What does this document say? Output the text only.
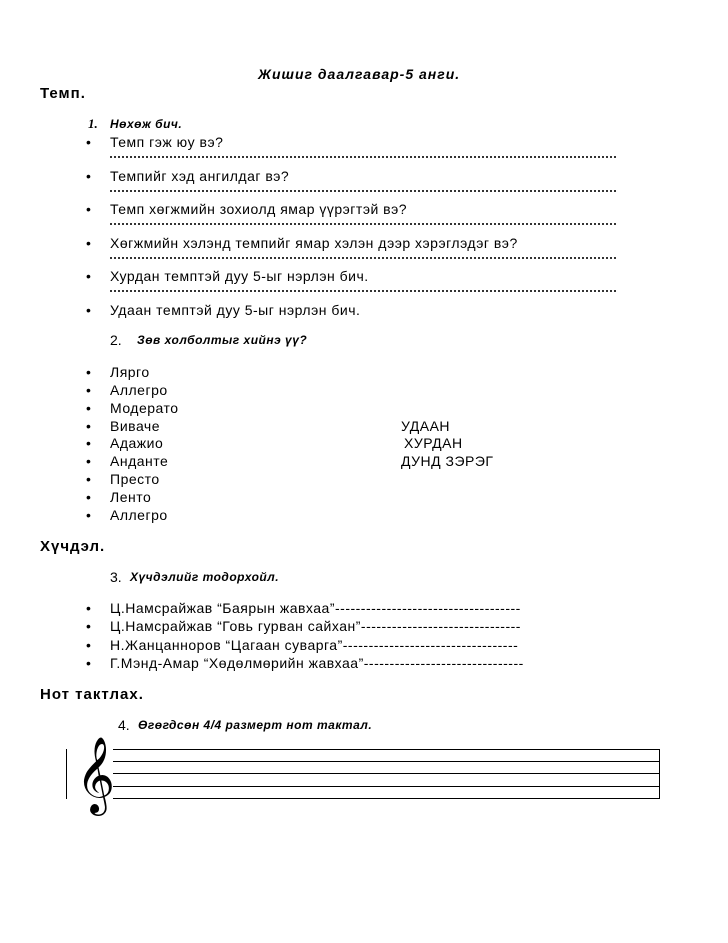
Жишиг даалгавар-5 анги.
Темп.
1. Нөхөж бич.
• Темп гэж юу вэ?
• Темпийг хэд ангилдаг вэ?
• Темп хөгжмийн зохиолд ямар үүрэгтэй вэ?
• Хөгжмийн хэлэнд темпийг ямар хэлэн дээр хэрэглэдэг вэ?
• Хурдан темптэй дуу 5-ыг нэрлэн бич.
• Удаан темптэй дуу 5-ыг нэрлэн бич.
2. Зөв холболтыг хийнэ үү?
• Лярго
• Аллегро
• Модерато
• Виваче
• Адажио
• Анданте
• Престо
• Ленто
• Аллегро
УДААН
ХУРДАН
ДУНД ЗЭРЭГ
Хүчдэл.
3. Хүчдэлийг тодорхойл.
• Ц.Намсрайжав “Баярын жавхаа”------------------------------------
• Ц.Намсрайжав “Говь гурван сайхан”-------------------------------
• Н.Жанцанноров “Цагаан суварга”----------------------------------
• Г.Мэнд-Амар “Хөдөлмөрийн жавхаа”-------------------------------
Нот тактлах.
4. Өгөгдсөн 4/4 размерт нот тактал.
𝄞
